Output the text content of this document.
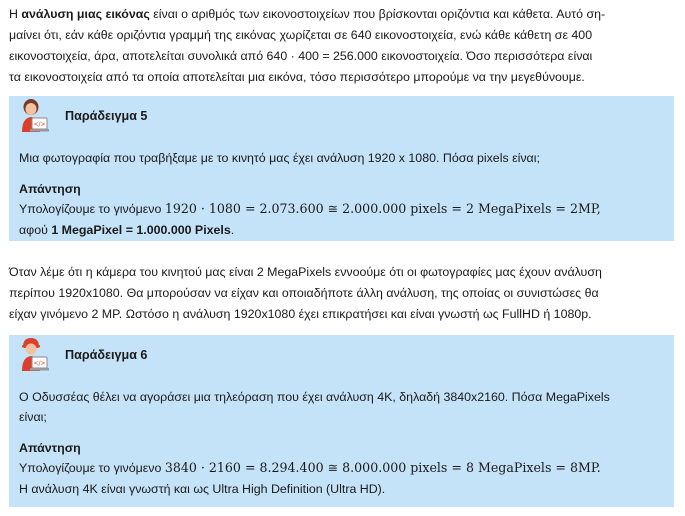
Η ανάλυση μιας εικόνας είναι ο αριθμός των εικονοστοιχείων που βρίσκονται οριζόντια και κάθετα. Αυτό ση-

μαίνει ότι, εάν κάθε οριζόντια γραμμή της εικόνας χωρίζεται σε 640 εικονοστοιχεία, ενώ κάθε κάθετη σε 400

εικονοστοιχεία, άρα, αποτελείται συνολικά από 640 · 400 = 256.000 εικονοστοιχεία. Όσο περισσότερα είναι

τα εικονοστοιχεία από τα οποία αποτελείται μια εικόνα, τόσο περισσότερο μπορούμε να την μεγεθύνουμε.

</>
Παράδειγμα 5

Μια φωτογραφία που τραβήξαμε με το κινητό μας έχει ανάλυση 1920 x 1080. Πόσα pixels είναι;

Απάντηση

Υπολογίζουμε το γινόμενο 1920 · 1080 = 2.073.600 ≅ 2.000.000 pixels = 2 MegaPixels = 2MP,

αφού 1 MegaPixel = 1.000.000 Pixels.

Όταν λέμε ότι η κάμερα του κινητού μας είναι 2 MegaPixels εννοούμε ότι οι φωτογραφίες μας έχουν ανάλυση

περίπου 1920x1080. Θα μπορούσαν να είχαν και οποιαδήποτε άλλη ανάλυση, της οποίας οι συνιστώσες θα

είχαν γινόμενο 2 ΜΡ. Ωστόσο η ανάλυση 1920x1080 έχει επικρατήσει και είναι γνωστή ως FullHD ή 1080p.

</>
Παράδειγμα 6

Ο Οδυσσέας θέλει να αγοράσει μια τηλεόραση που έχει ανάλυση 4Κ, δηλαδή 3840x2160. Πόσα MegaPixels

είναι;

Απάντηση

Υπολογίζουμε το γινόμενο 3840 · 2160 = 8.294.400 ≅ 8.000.000 pixels = 8 MegaPixels = 8MP.

Η ανάλυση 4Κ είναι γνωστή και ως Ultra High Definition (Ultra HD).
